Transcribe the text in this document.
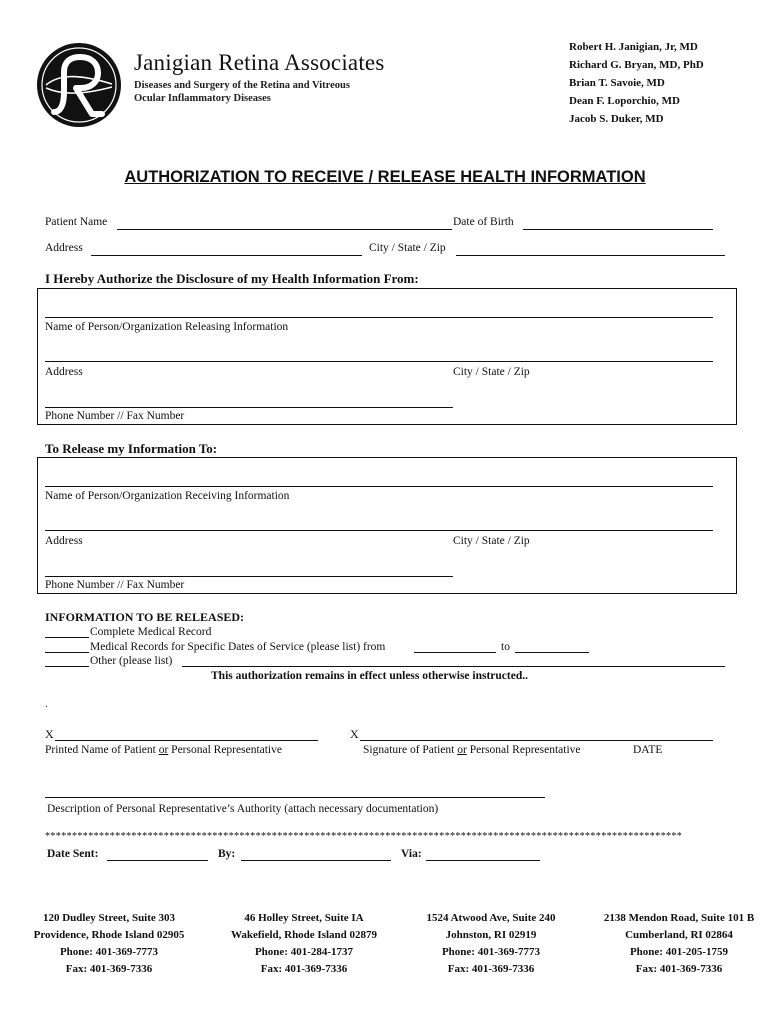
Janigian Retina Associates
Diseases and Surgery of the Retina and Vitreous
Ocular Inflammatory Diseases
Robert H. Janigian, Jr, MD
Richard G. Bryan, MD, PhD
Brian T. Savoie, MD
Dean F. Loporchio, MD
Jacob S. Duker, MD
AUTHORIZATION TO RECEIVE / RELEASE HEALTH INFORMATION
Patient Name	Date of Birth
Address	City / State / Zip
I Hereby Authorize the Disclosure of my Health Information From:
Name of Person/Organization Releasing Information
Address	City / State / Zip
Phone Number // Fax Number
To Release my Information To:
Name of Person/Organization Receiving Information
Address	City / State / Zip
Phone Number // Fax Number
INFORMATION TO BE RELEASED:
Complete Medical Record
Medical Records for Specific Dates of Service (please list) from	to
Other (please list)
This authorization remains in effect unless otherwise instructed..
.
X
Printed Name of Patient or Personal Representative
X
Signature of Patient or Personal Representative	DATE
Description of Personal Representative’s Authority (attach necessary documentation)
**********************************************************************************************************************
Date Sent:	By:	Via:
120 Dudley Street, Suite 303
Providence, Rhode Island 02905
Phone: 401-369-7773
Fax: 401-369-7336
46 Holley Street, Suite IA
Wakefield, Rhode Island 02879
Phone: 401-284-1737
Fax: 401-369-7336
1524 Atwood Ave, Suite 240
Johnston, RI 02919
Phone: 401-369-7773
Fax: 401-369-7336
2138 Mendon Road, Suite 101 B
Cumberland, RI 02864
Phone: 401-205-1759
Fax: 401-369-7336
